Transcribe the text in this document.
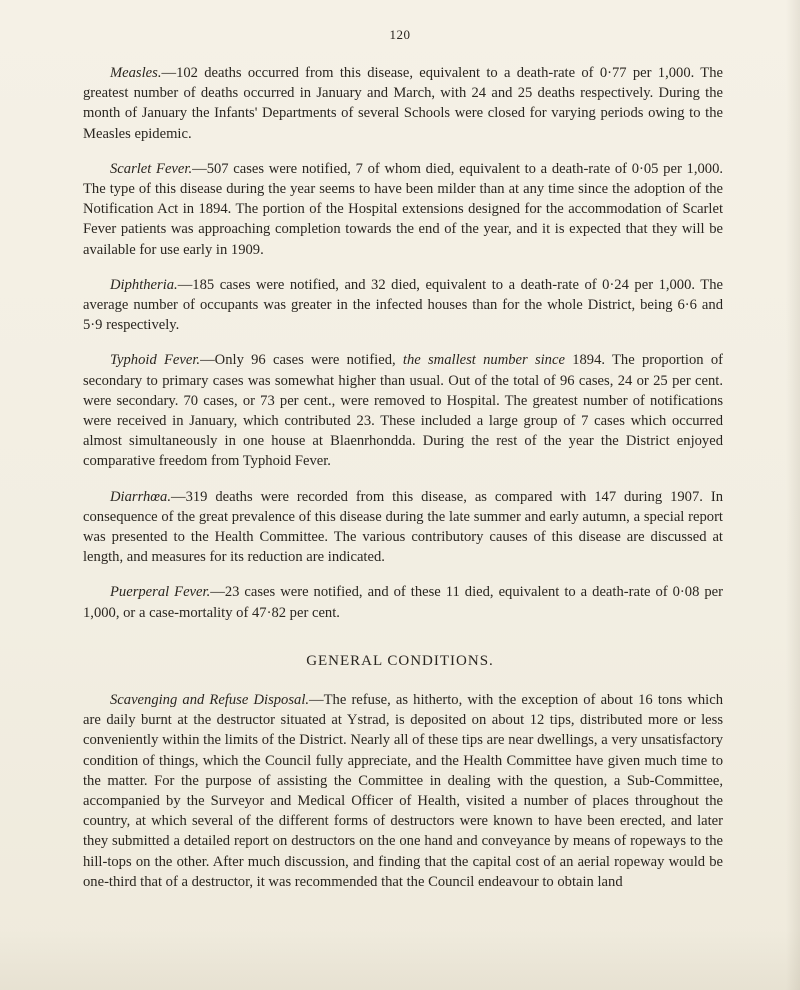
120

Measles.—102 deaths occurred from this disease, equivalent to a death-rate of 0·77 per 1,000. The greatest number of deaths occurred in January and March, with 24 and 25 deaths respectively. During the month of January the Infants' Departments of several Schools were closed for varying periods owing to the Measles epidemic.

Scarlet Fever.—507 cases were notified, 7 of whom died, equivalent to a death-rate of 0·05 per 1,000. The type of this disease during the year seems to have been milder than at any time since the adoption of the Notification Act in 1894. The portion of the Hospital extensions designed for the accommodation of Scarlet Fever patients was approaching completion towards the end of the year, and it is expected that they will be available for use early in 1909.

Diphtheria.—185 cases were notified, and 32 died, equivalent to a death-rate of 0·24 per 1,000. The average number of occupants was greater in the infected houses than for the whole District, being 6·6 and 5·9 respectively.

Typhoid Fever.—Only 96 cases were notified, the smallest number since 1894. The proportion of secondary to primary cases was somewhat higher than usual. Out of the total of 96 cases, 24 or 25 per cent. were secondary. 70 cases, or 73 per cent., were removed to Hospital. The greatest number of notifications were received in January, which contributed 23. These included a large group of 7 cases which occurred almost simultaneously in one house at Blaenrhondda. During the rest of the year the District enjoyed comparative freedom from Typhoid Fever.

Diarrhœa.—319 deaths were recorded from this disease, as compared with 147 during 1907. In consequence of the great prevalence of this disease during the late summer and early autumn, a special report was presented to the Health Committee. The various contributory causes of this disease are discussed at length, and measures for its reduction are indicated.

Puerperal Fever.—23 cases were notified, and of these 11 died, equivalent to a death-rate of 0·08 per 1,000, or a case-mortality of 47·82 per cent.

GENERAL CONDITIONS.

Scavenging and Refuse Disposal.—The refuse, as hitherto, with the exception of about 16 tons which are daily burnt at the destructor situated at Ystrad, is deposited on about 12 tips, distributed more or less conveniently within the limits of the District. Nearly all of these tips are near dwellings, a very unsatisfactory condition of things, which the Council fully appreciate, and the Health Committee have given much time to the matter. For the purpose of assisting the Committee in dealing with the question, a Sub-Committee, accompanied by the Surveyor and Medical Officer of Health, visited a number of places throughout the country, at which several of the different forms of destructors were known to have been erected, and later they submitted a detailed report on destructors on the one hand and conveyance by means of ropeways to the hill-tops on the other. After much discussion, and finding that the capital cost of an aerial ropeway would be one-third that of a destructor, it was recommended that the Council endeavour to obtain land
